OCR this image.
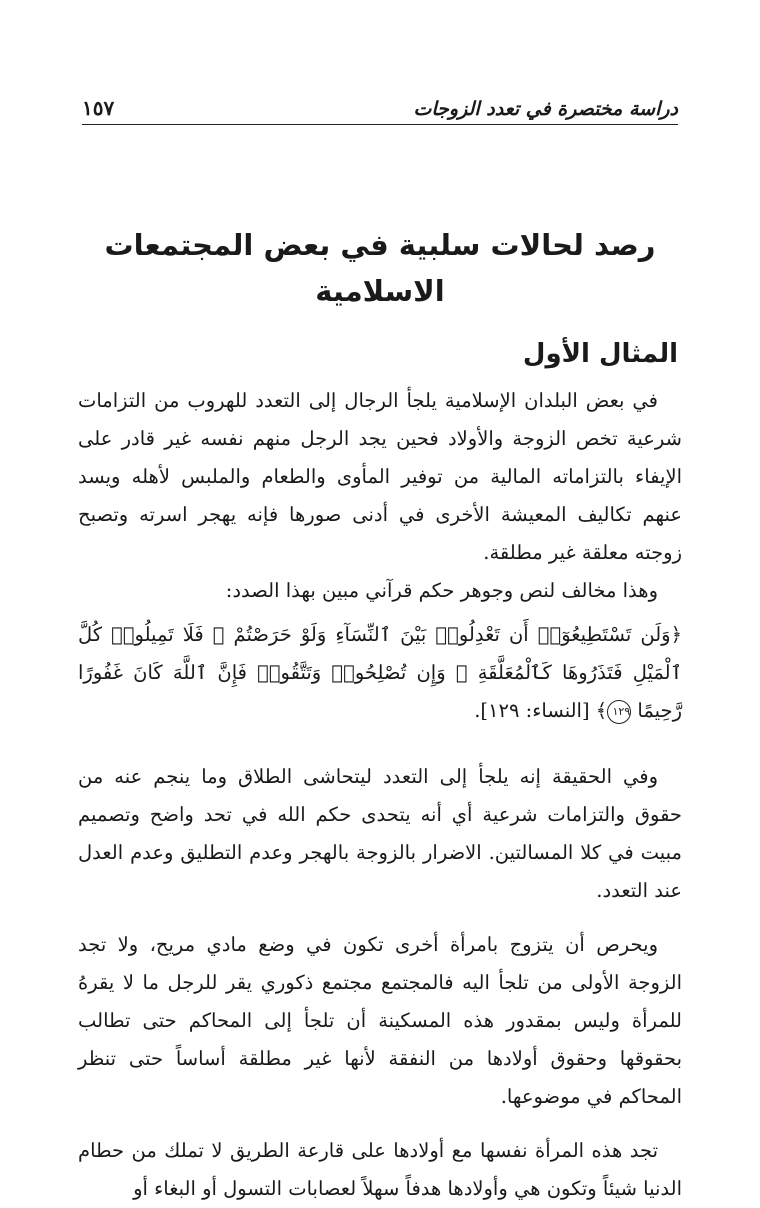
دراسة مختصرة في تعدد الزوجات
١٥٧
رصد لحالات سلبية في بعض المجتمعات
الاسلامية
المثال الأول

في بعض البلدان الإسلامية يلجأ الرجال إلى التعدد للهروب من التزامات شرعية تخص الزوجة والأولاد فحين يجد الرجل منهم نفسه غير قادر على الإيفاء بالتزاماته المالية من توفير المأوى والطعام والملبس لأهله ويسد عنهم تكاليف المعيشة الأخرى في أدنى صورها فإنه يهجر اسرته وتصبح زوجته معلقة غير مطلقة.

وهذا مخالف لنص وجوهر حكم قرآني مبين بهذا الصدد:

﴿وَلَن تَسْتَطِيعُوٓا۟ أَن تَعْدِلُوا۟ بَيْنَ ٱلنِّسَآءِ وَلَوْ حَرَصْتُمْ ۖ فَلَا تَمِيلُوا۟ كُلَّ ٱلْمَيْلِ فَتَذَرُوهَا كَٱلْمُعَلَّقَةِ ۚ وَإِن تُصْلِحُوا۟ وَتَتَّقُوا۟ فَإِنَّ ٱللَّهَ كَانَ غَفُورًا رَّحِيمًا ١٢٩﴾ [النساء: ١٢٩].

وفي الحقيقة إنه يلجأ إلى التعدد ليتحاشى الطلاق وما ينجم عنه من حقوق والتزامات شرعية أي أنه يتحدى حكم الله في تحد واضح وتصميم مبيت في كلا المسالتين. الاضرار بالزوجة بالهجر وعدم التطليق وعدم العدل عند التعدد.

ويحرص أن يتزوج بامرأة أخرى تكون في وضع مادي مريح، ولا تجد الزوجة الأولى من تلجأ اليه فالمجتمع مجتمع ذكوري يقر للرجل ما لا يقرهُ للمرأة وليس بمقدور هذه المسكينة أن تلجأ إلى المحاكم حتى تطالب بحقوقها وحقوق أولادها من النفقة لأنها غير مطلقة أساساً حتى تنظر المحاكم في موضوعها.

تجد هذه المرأة نفسها مع أولادها على قارعة الطريق لا تملك من حطام الدنيا شيئاً وتكون هي وأولادها هدفاً سهلاً لعصابات التسول أو البغاء أو
